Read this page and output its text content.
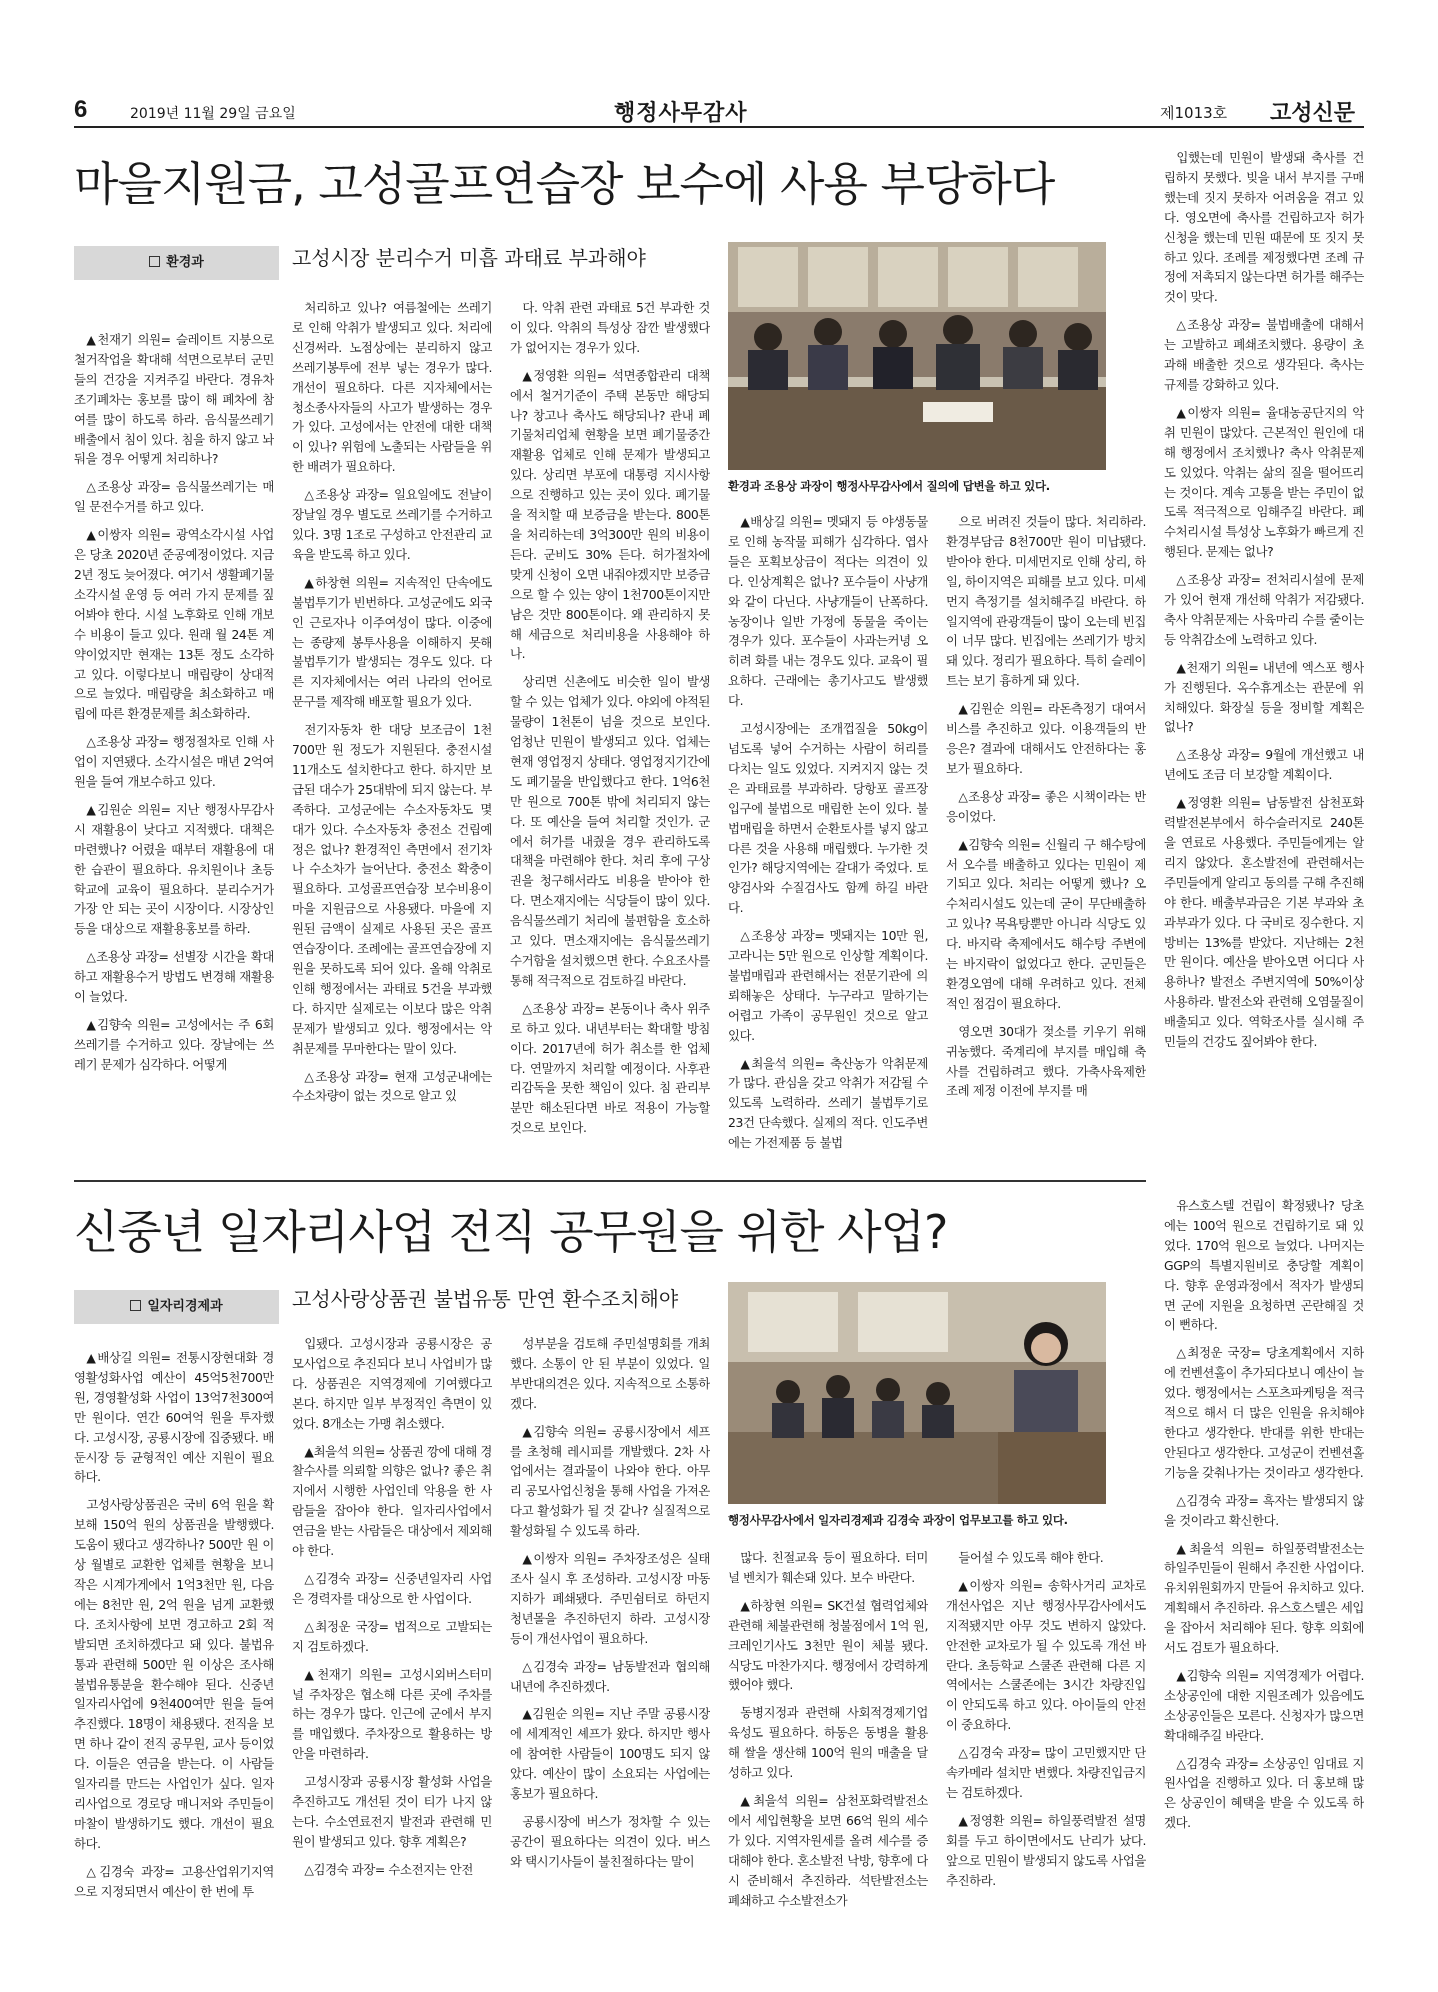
6	2019년 11월 29일 금요일	행정사무감사	제1013호 고성신문
마을지원금, 고성골프연습장 보수에 사용 부당하다
환경과	고성시장 분리수거 미흡 과태료 부과해야
환경과 조용상 과장이 행정사무감사에서 질의에 답변을 하고 있다.

▲천재기 의원= 슬레이트 지붕으로 철거작업을 확대해 석면으로부터 군민들의 건강을 지켜주길 바란다. 경유차 조기폐차는 홍보를 많이 해 폐차에 참여를 많이 하도록 하라. 음식물쓰레기 배출에서 침이 있다. 침을 하지 않고 놔둬을 경우 어떻게 처리하나?

△조용상 과장= 음식물쓰레기는 매일 문전수거를 하고 있다.

▲이쌍자 의원= 광역소각시설 사업은 당초 2020년 준공예정이었다. 지금 2년 정도 늦어졌다. 여기서 생활폐기물 소각시설 운영 등 여러 가지 문제를 짚어봐야 한다. 시설 노후화로 인해 개보수 비용이 들고 있다. 원래 월 24톤 계약이었지만 현재는 13톤 정도 소각하고 있다. 이렇다보니 매립량이 상대적으로 늘었다. 매립량을 최소화하고 매립에 따른 환경문제를 최소화하라.

△조용상 과장= 행정절차로 인해 사업이 지연됐다. 소각시설은 매년 2억여 원을 들여 개보수하고 있다.

▲김원순 의원= 지난 행정사무감사 시 재활용이 낮다고 지적했다. 대책은 마련했나? 어렸을 때부터 재활용에 대한 습관이 필요하다. 유치원이나 초등학교에 교육이 필요하다. 분리수거가 가장 안 되는 곳이 시장이다. 시장상인 등을 대상으로 재활용홍보를 하라.

△조용상 과장= 선별장 시간을 확대하고 재활용수거 방법도 변경해 재활용이 늘었다.

▲김향숙 의원= 고성에서는 주 6회 쓰레기를 수거하고 있다. 장날에는 쓰레기 문제가 심각하다. 어떻게

처리하고 있나? 여름철에는 쓰레기로 인해 악취가 발생되고 있다. 처리에 신경써라. 노점상에는 분리하지 않고 쓰레기봉투에 전부 넣는 경우가 많다. 개선이 필요하다. 다른 지자체에서는 청소종사자들의 사고가 발생하는 경우가 있다. 고성에서는 안전에 대한 대책이 있나? 위험에 노출되는 사람들을 위한 배려가 필요하다.

△조용상 과장= 일요일에도 전날이 장날일 경우 별도로 쓰레기를 수거하고 있다. 3명 1조로 구성하고 안전관리 교육을 받도록 하고 있다.

▲하창현 의원= 지속적인 단속에도 불법투기가 빈번하다. 고성군에도 외국인 근로자나 이주여성이 많다. 이중에는 종량제 봉투사용을 이해하지 못해 불법투기가 발생되는 경우도 있다. 다른 지자체에서는 여러 나라의 언어로 문구를 제작해 배포할 필요가 있다.

전기자동차 한 대당 보조금이 1천700만 원 정도가 지원된다. 충전시설 11개소도 설치한다고 한다. 하지만 보급된 대수가 25대밖에 되지 않는다. 부족하다. 고성군에는 수소자동차도 몇 대가 있다. 수소자동차 충전소 건립예정은 없나? 환경적인 측면에서 전기차나 수소차가 늘어난다. 충전소 확충이 필요하다. 고성골프연습장 보수비용이 마을 지원금으로 사용됐다. 마을에 지원된 금액이 실제로 사용된 곳은 골프연습장이다. 조례에는 골프연습장에 지원을 못하도록 되어 있다. 올해 악취로 인해 행정에서는 과태료 5건을 부과했다. 하지만 실제로는 이보다 많은 악취문제가 발생되고 있다. 행정에서는 악취문제를 무마한다는 말이 있다.

△조용상 과장= 현재 고성군내에는 수소차량이 없는 것으로 알고 있

다. 악취 관련 과태료 5건 부과한 것이 있다. 악취의 특성상 잠깐 발생했다가 없어지는 경우가 있다.

▲정영환 의원= 석면종합관리 대책에서 철거기준이 주택 본동만 해당되나? 창고나 축사도 해당되나? 관내 폐기물처리업체 현황을 보면 폐기물중간재활용 업체로 인해 문제가 발생되고 있다. 상리면 부포에 대통령 지시사항으로 진행하고 있는 곳이 있다. 폐기물을 적치할 때 보증금을 받는다. 800톤을 처리하는데 3억300만 원의 비용이 든다. 군비도 30% 든다. 허가절차에 맞게 신청이 오면 내줘야겠지만 보증금으로 할 수 있는 양이 1천700톤이지만 남은 것만 800톤이다. 왜 관리하지 못해 세금으로 처리비용을 사용해야 하나.

상리면 신촌에도 비슷한 일이 발생할 수 있는 업체가 있다. 야외에 야적된 물량이 1천톤이 넘을 것으로 보인다. 엄청난 민원이 발생되고 있다. 업체는 현재 영업정지 상태다. 영업정지기간에도 폐기물을 반입했다고 한다. 1억6천만 원으로 700톤 밖에 처리되지 않는다. 또 예산을 들여 처리할 것인가. 군에서 허가를 내줬을 경우 관리하도록 대책을 마련해야 한다. 처리 후에 구상권을 청구해서라도 비용을 받아야 한다. 면소재지에는 식당들이 많이 있다. 음식물쓰레기 처리에 불편함을 호소하고 있다. 면소재지에는 음식물쓰레기 수거함을 설치했으면 한다. 수요조사를 통해 적극적으로 검토하길 바란다.

△조용상 과장= 본동이나 축사 위주로 하고 있다. 내년부터는 확대할 방침이다. 2017년에 허가 취소를 한 업체다. 연말까지 처리할 예정이다. 사후관리감독을 못한 책임이 있다. 침 관리부분만 해소된다면 바로 적용이 가능할 것으로 보인다.

▲배상길 의원= 멧돼지 등 야생동물로 인해 농작물 피해가 심각하다. 엽사들은 포획보상금이 적다는 의견이 있다. 인상계획은 없나? 포수들이 사냥개와 같이 다닌다. 사냥개들이 난폭하다. 농장이나 일반 가정에 동물을 죽이는 경우가 있다. 포수들이 사과는커녕 오히려 화를 내는 경우도 있다. 교육이 필요하다. 근래에는 총기사고도 발생했다.

고성시장에는 조개껍질을 50kg이 넘도록 넣어 수거하는 사람이 허리를 다치는 일도 있었다. 지켜지지 않는 것은 과태료를 부과하라. 당항포 골프장 입구에 불법으로 매립한 논이 있다. 불법매립을 하면서 순환토사를 넣지 않고 다른 것을 사용해 매립했다. 누가한 것인가? 해당지역에는 갈대가 죽었다. 토양검사와 수질검사도 함께 하길 바란다.

△조용상 과장= 멧돼지는 10만 원, 고라니는 5만 원으로 인상할 계획이다. 불법매립과 관련해서는 전문기관에 의뢰해놓은 상태다. 누구라고 말하기는 어렵고 가족이 공무원인 것으로 알고 있다.

▲최을석 의원= 축산농가 악취문제가 많다. 관심을 갖고 악취가 저감될 수 있도록 노력하라. 쓰레기 불법투기로 23건 단속했다. 실제의 적다. 인도주변에는 가전제품 등 불법

으로 버려진 것들이 많다. 처리하라. 환경부담금 8천700만 원이 미납됐다. 받아야 한다. 미세먼지로 인해 상리, 하일, 하이지역은 피해를 보고 있다. 미세먼지 측정기를 설치해주길 바란다. 하일지역에 관광객들이 많이 오는데 빈집이 너무 많다. 빈집에는 쓰레기가 방치돼 있다. 정리가 필요하다. 특히 슬레이트는 보기 흉하게 돼 있다.

▲김원순 의원= 라돈측정기 대여서비스를 추진하고 있다. 이용객들의 반응은? 결과에 대해서도 안전하다는 홍보가 필요하다.

△조용상 과장= 좋은 시책이라는 반응이었다.

▲김향숙 의원= 신월리 구 해수탕에서 오수를 배출하고 있다는 민원이 제기되고 있다. 처리는 어떻게 했나? 오수처리시설도 있는데 굳이 무단배출하고 있나? 목욕탕뿐만 아니라 식당도 있다. 바지락 축제에서도 해수탕 주변에는 바지락이 없었다고 한다. 군민들은 환경오염에 대해 우려하고 있다. 전체적인 점검이 필요하다.

영오면 30대가 젖소를 키우기 위해 귀농했다. 죽계리에 부지를 매입해 축사를 건립하려고 했다. 가축사육제한 조례 제정 이전에 부지를 매

입했는데 민원이 발생돼 축사를 건립하지 못했다. 빚을 내서 부지를 구매했는데 짓지 못하자 어려움을 겪고 있다. 영오면에 축사를 건립하고자 허가신청을 했는데 민원 때문에 또 짓지 못하고 있다. 조례를 제정했다면 조례 규정에 저촉되지 않는다면 허가를 해주는 것이 맞다.

△조용상 과장= 불법배출에 대해서는 고발하고 폐쇄조치했다. 용량이 초과해 배출한 것으로 생각된다. 축사는 규제를 강화하고 있다.

▲이쌍자 의원= 율대농공단지의 악취 민원이 많았다. 근본적인 원인에 대해 행정에서 조치했나? 축사 악취문제도 있었다. 악취는 삶의 질을 떨어뜨리는 것이다. 계속 고통을 받는 주민이 없도록 적극적으로 임해주길 바란다. 폐수처리시설 특성상 노후화가 빠르게 진행된다. 문제는 없나?

△조용상 과장= 전처리시설에 문제가 있어 현재 개선해 악취가 저감됐다. 축사 악취문제는 사육마리 수를 줄이는 등 악취감소에 노력하고 있다.

▲천재기 의원= 내년에 엑스포 행사가 진행된다. 옥수휴게소는 관문에 위치해있다. 화장실 등을 정비할 계획은 없나?

△조용상 과장= 9월에 개선했고 내년에도 조금 더 보강할 계획이다.

▲정영환 의원= 남동발전 삼천포화력발전본부에서 하수슬러지로 240톤을 연료로 사용했다. 주민들에게는 알리지 않았다. 혼소발전에 관련해서는 주민들에게 알리고 동의를 구해 추진해야 한다. 배출부과금은 기본 부과와 초과부과가 있다. 다 국비로 징수한다. 지방비는 13%를 받았다. 지난해는 2천만 원이다. 예산을 받아오면 어디다 사용하나? 발전소 주변지역에 50%이상 사용하라. 발전소와 관련해 오염물질이 배출되고 있다. 역학조사를 실시해 주민들의 건강도 짚어봐야 한다.

신중년 일자리사업 전직 공무원을 위한 사업?
일자리경제과	고성사랑상품권 불법유통 만연 환수조치해야
행정사무감사에서 일자리경제과 김경숙 과장이 업무보고를 하고 있다.

▲배상길 의원= 전통시장현대화 경영활성화사업 예산이 45억5천700만 원, 경영활성화 사업이 13억7천300여만 원이다. 연간 60여억 원을 투자했다. 고성시장, 공룡시장에 집중됐다. 배둔시장 등 균형적인 예산 지원이 필요하다.

고성사랑상품권은 국비 6억 원을 확보해 150억 원의 상품권을 발행했다. 도움이 됐다고 생각하나? 500만 원 이상 월별로 교환한 업체를 현황을 보니 작은 시계가게에서 1억3천만 원, 다음에는 8천만 원, 2억 원을 넘게 교환했다. 조치사항에 보면 경고하고 2회 적발되면 조치하겠다고 돼 있다. 불법유통과 관련해 500만 원 이상은 조사해 불법유통분을 환수해야 된다. 신중년 일자리사업에 9천400여만 원을 들여 추진했다. 18명이 채용됐다. 전직을 보면 하나 같이 전직 공무원, 교사 등이었다. 이들은 연금을 받는다. 이 사람들 일자리를 만드는 사업인가 싶다. 일자리사업으로 경로당 매니저와 주민들이 마찰이 발생하기도 했다. 개선이 필요하다.

△김경숙 과장= 고용산업위기지역으로 지정되면서 예산이 한 번에 투

입됐다. 고성시장과 공룡시장은 공모사업으로 추진되다 보니 사업비가 많다. 상품권은 지역경제에 기여했다고 본다. 하지만 일부 부정적인 측면이 있었다. 8개소는 가맹 취소했다.

▲최을석 의원= 상품권 깡에 대해 경찰수사를 의뢰할 의향은 없나? 좋은 취지에서 시행한 사업인데 악용을 한 사람들을 잡아야 한다. 일자리사업에서 연금을 받는 사람들은 대상에서 제외해야 한다.

△김경숙 과장= 신중년일자리 사업은 경력자를 대상으로 한 사업이다.

△최정운 국장= 법적으로 고발되는지 검토하겠다.

▲천재기 의원= 고성시외버스터미널 주차장은 협소해 다른 곳에 주차를 하는 경우가 많다. 인근에 군에서 부지를 매입했다. 주차장으로 활용하는 방안을 마련하라.

고성시장과 공룡시장 활성화 사업을 추진하고도 개선된 것이 티가 나지 않는다. 수소연료전지 발전과 관련해 민원이 발생되고 있다. 향후 계획은?

△김경숙 과장= 수소전지는 안전

성부분을 검토해 주민설명회를 개최했다. 소통이 안 된 부분이 있었다. 일부반대의견은 있다. 지속적으로 소통하겠다.

▲김향숙 의원= 공룡시장에서 세프를 초청해 레시피를 개발했다. 2차 사업에서는 결과물이 나와야 한다. 아무리 공모사업신청을 통해 사업을 가져온다고 활성화가 될 것 같나? 실질적으로 활성화될 수 있도록 하라.

▲이쌍자 의원= 주차장조성은 실태조사 실시 후 조성하라. 고성시장 마동 지하가 폐쇄됐다. 주민쉼터로 하던지 청년몰을 추진하던지 하라. 고성시장 등이 개선사업이 필요하다.

△김경숙 과장= 남동발전과 협의해 내년에 추진하겠다.

▲김원순 의원= 지난 주말 공룡시장에 세계적인 셰프가 왔다. 하지만 행사에 참여한 사람들이 100명도 되지 않았다. 예산이 많이 소요되는 사업에는 홍보가 필요하다.

공룡시장에 버스가 정차할 수 있는 공간이 필요하다는 의견이 있다. 버스와 택시기사들이 불친절하다는 말이

많다. 친절교육 등이 필요하다. 터미널 벤치가 훼손돼 있다. 보수 바란다.

▲하창현 의원= SK건설 협력업체와 관련해 체불관련해 청불점에서 1억 원, 크레인기사도 3천만 원이 체불 됐다. 식당도 마찬가지다. 행정에서 강력하게 했어야 했다.

동병지정과 관련해 사회적경제기업 육성도 필요하다. 하동은 동병을 활용해 쌀을 생산해 100억 원의 매출을 달성하고 있다.

▲최을석 의원= 삼천포화력발전소에서 세입현황을 보면 66억 원의 세수가 있다. 지역자원세를 올려 세수를 증대해야 한다. 혼소발전 낙방, 향후에 다시 준비해서 추진하라. 석탄발전소는 폐쇄하고 수소발전소가

들어설 수 있도록 해야 한다.

▲이쌍자 의원= 송학사거리 교차로 개선사업은 지난 행정사무감사에서도 지적됐지만 아무 것도 변하지 않았다. 안전한 교차로가 될 수 있도록 개선 바란다. 초등학교 스쿨존 관련해 다른 지역에서는 스쿨존에는 3시간 차량진입이 안되도록 하고 있다. 아이들의 안전이 중요하다.

△김경숙 과장= 많이 고민했지만 단속카메라 설치만 변했다. 차량진입금지는 검토하겠다.

▲정영환 의원= 하일풍력발전 설명회를 두고 하이면에서도 난리가 났다. 앞으로 민원이 발생되지 않도록 사업을 추진하라.

유스호스텔 건립이 확정됐나? 당초에는 100억 원으로 건립하기로 돼 있었다. 170억 원으로 늘었다. 나머지는 GGP의 특별지원비로 충당할 계획이다. 향후 운영과정에서 적자가 발생되면 군에 지원을 요청하면 곤란해질 것이 뻔하다.

△최정운 국장= 당초계획에서 지하에 컨벤션홀이 추가되다보니 예산이 늘었다. 행정에서는 스포츠파케팅을 적극적으로 해서 더 많은 인원을 유치해야 한다고 생각한다. 반대를 위한 반대는 안된다고 생각한다. 고성군이 컨벤션홀 기능을 갖춰나가는 것이라고 생각한다.

△김경숙 과장= 흑자는 발생되지 않을 것이라고 확신한다.

▲최을석 의원= 하일풍력발전소는 하일주민들이 원해서 추진한 사업이다. 유치위원회까지 만들어 유치하고 있다. 계획해서 추진하라. 유스호스텔은 세입을 잡아서 처리해야 된다. 향후 의회에서도 검토가 필요하다.

▲김향숙 의원= 지역경제가 어렵다. 소상공인에 대한 지원조례가 있음에도 소상공인들은 모른다. 신청자가 많으면 확대해주길 바란다.

△김경숙 과장= 소상공인 임대료 지원사업을 진행하고 있다. 더 홍보해 많은 상공인이 혜택을 받을 수 있도록 하겠다.
